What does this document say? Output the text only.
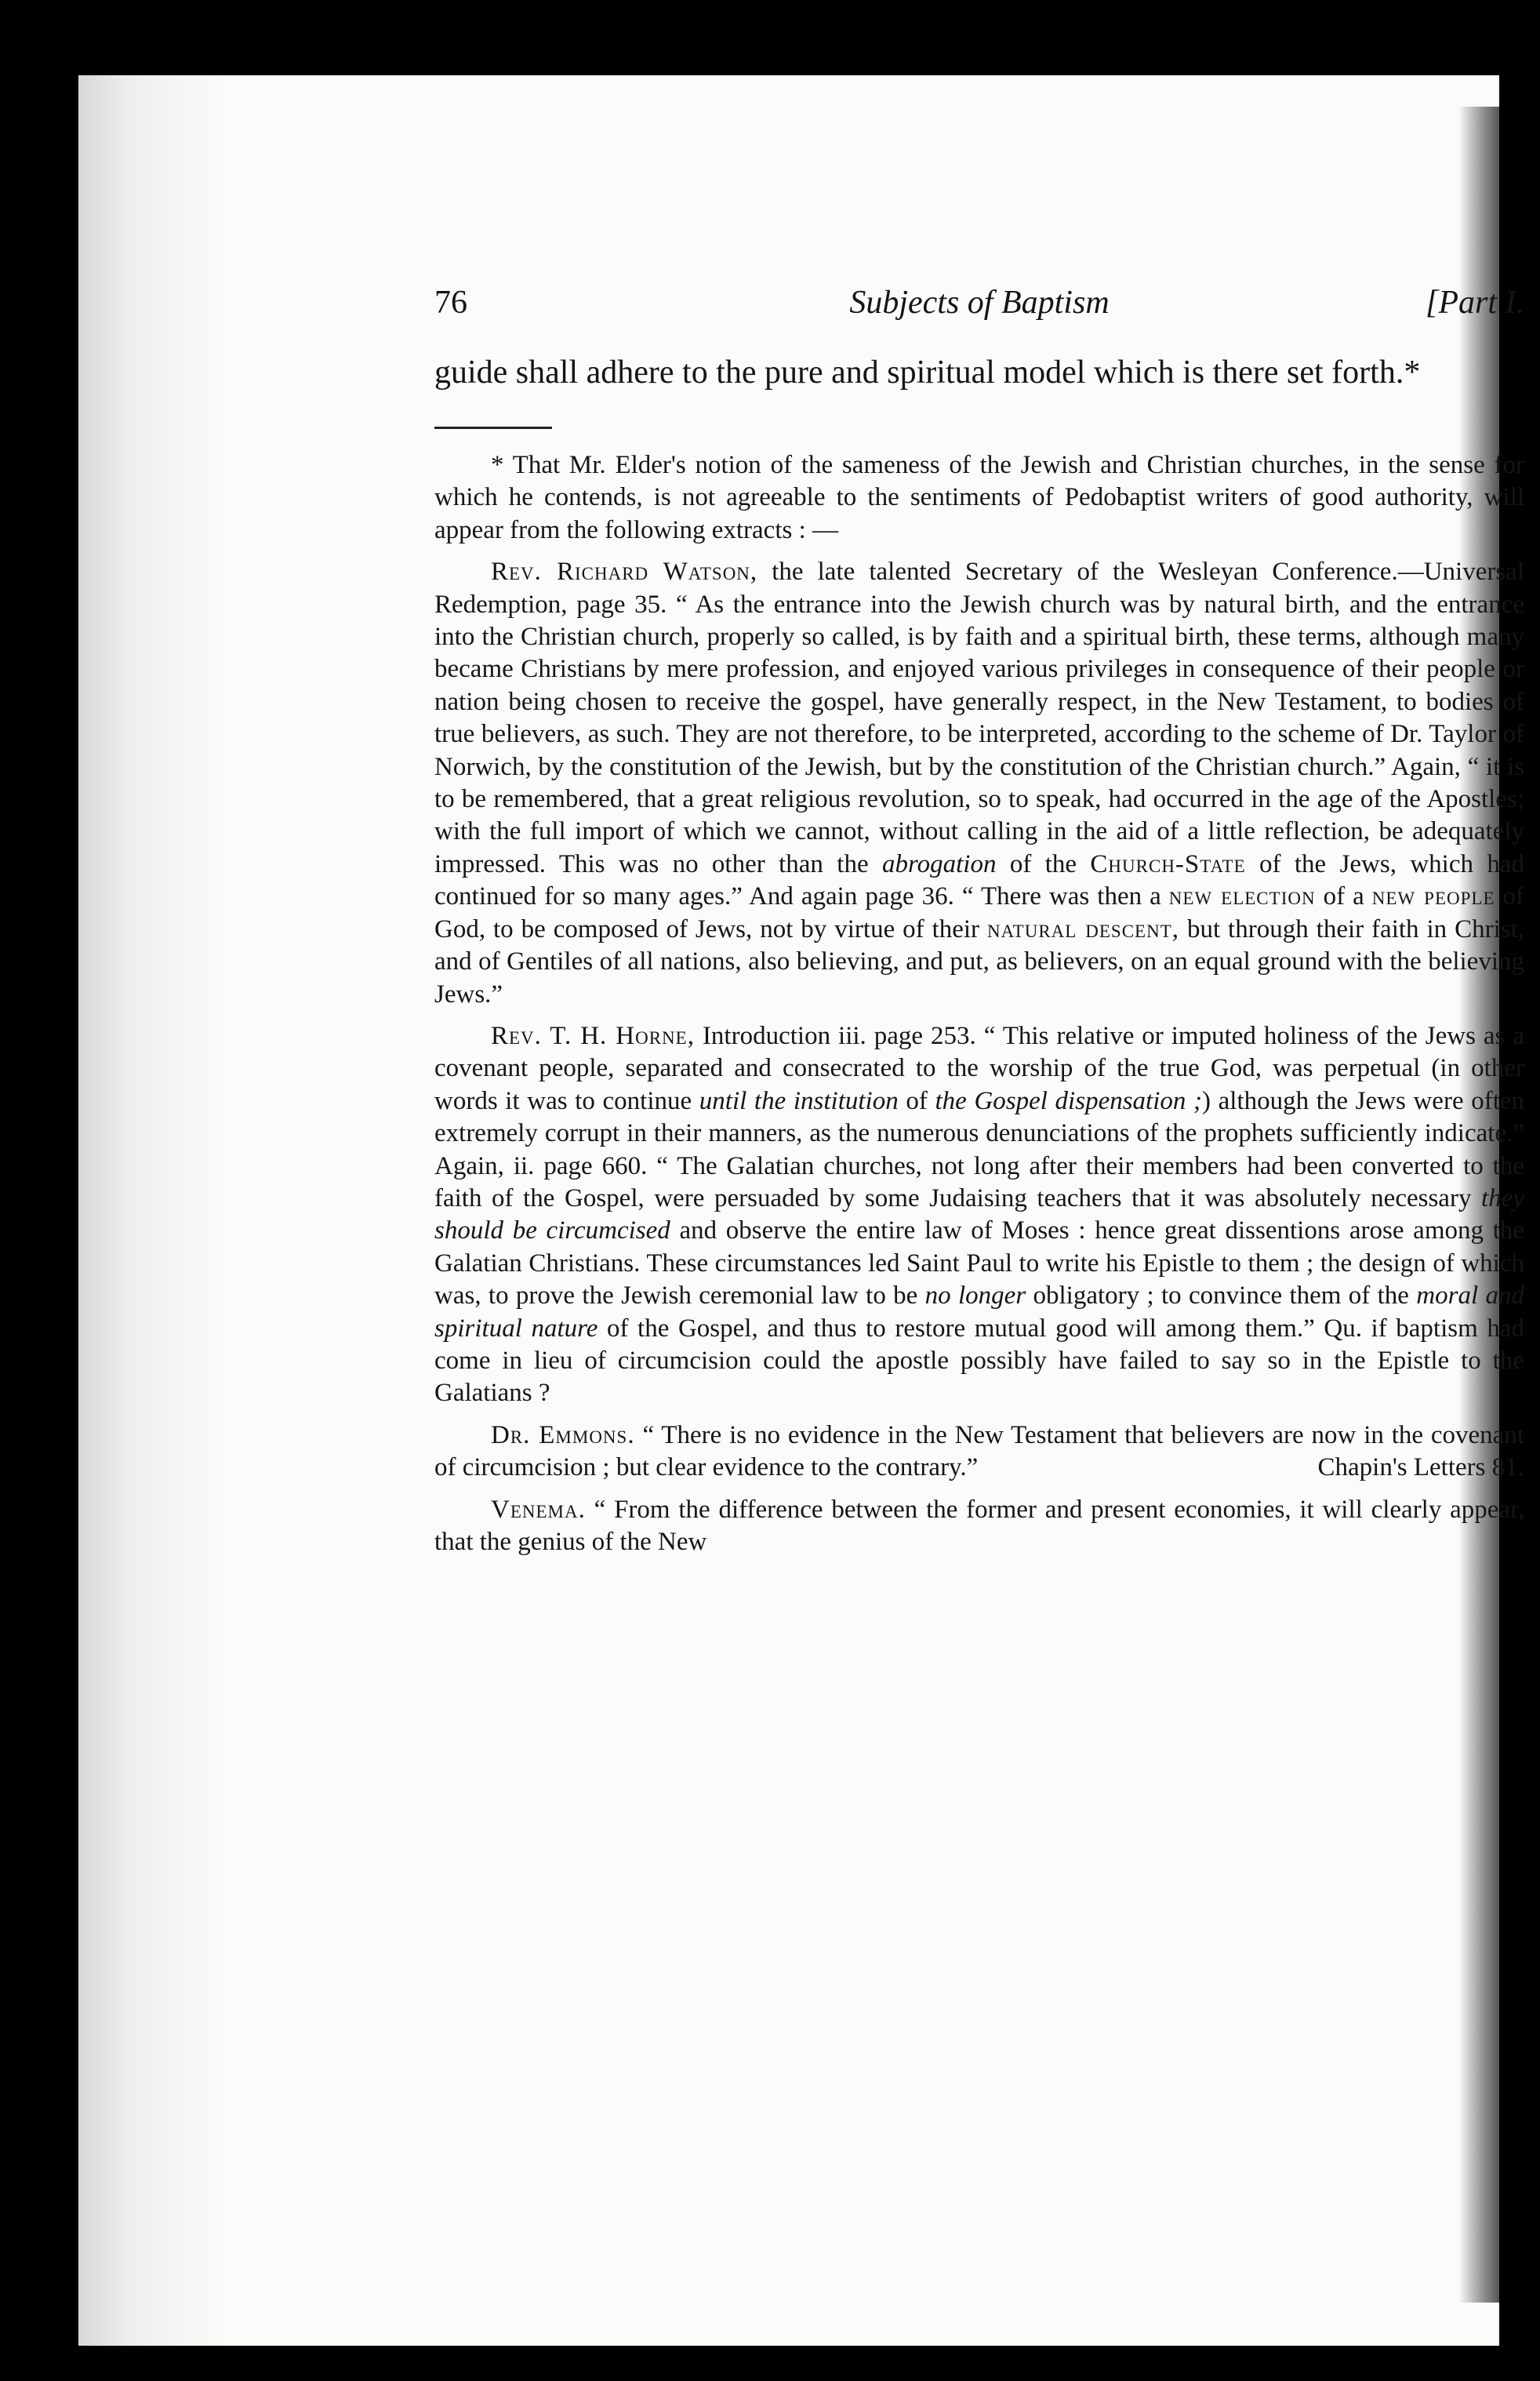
76	Subjects of Baptism	[Part I.

guide shall adhere to the pure and spiritual model which is there set forth.*

* That Mr. Elder's notion of the sameness of the Jewish and Christian churches, in the sense for which he contends, is not agreeable to the sentiments of Pedobaptist writers of good authority, will appear from the following extracts : —

Rev. Richard Watson, the late talented Secretary of the Wesleyan Conference.—Universal Redemption, page 35. “ As the entrance into the Jewish church was by natural birth, and the entrance into the Christian church, properly so called, is by faith and a spiritual birth, these terms, although many became Christians by mere profession, and enjoyed various privileges in consequence of their people or nation being chosen to receive the gospel, have generally respect, in the New Testament, to bodies of true believers, as such. They are not therefore, to be interpreted, according to the scheme of Dr. Taylor of Norwich, by the constitution of the Jewish, but by the constitution of the Christian church.” Again, “ it is to be remembered, that a great religious revolution, so to speak, had occurred in the age of the Apostles; with the full import of which we cannot, without calling in the aid of a little reflection, be adequately impressed. This was no other than the abrogation of the Church-State of the Jews, which had continued for so many ages.” And again page 36. “ There was then a new election of a new people of God, to be composed of Jews, not by virtue of their natural descent, but through their faith in Christ, and of Gentiles of all nations, also believing, and put, as believers, on an equal ground with the believing Jews.”

Rev. T. H. Horne, Introduction iii. page 253. “ This relative or imputed holiness of the Jews as a covenant people, separated and consecrated to the worship of the true God, was perpetual (in other words it was to continue until the institution of the Gospel dispensation ;) although the Jews were often extremely corrupt in their manners, as the numerous denunciations of the prophets sufficiently indicate.” Again, ii. page 660. “ The Galatian churches, not long after their members had been converted to the faith of the Gospel, were persuaded by some Judaising teachers that it was absolutely necessary they should be circumcised and observe the entire law of Moses : hence great dissentions arose among the Galatian Christians. These circumstances led Saint Paul to write his Epistle to them ; the design of which was, to prove the Jewish ceremonial law to be no longer obligatory ; to convince them of the moral and spiritual nature of the Gospel, and thus to restore mutual good will among them.” Qu. if baptism had come in lieu of circumcision could the apostle possibly have failed to say so in the Epistle to the Galatians ?

Dr. Emmons. “ There is no evidence in the New Testament that believers are now in the covenant of circumcision ; but clear evidence to the contrary.”	Chapin's Letters 81.

Venema. “ From the difference between the former and present economies, it will clearly appear, that the genius of the New
